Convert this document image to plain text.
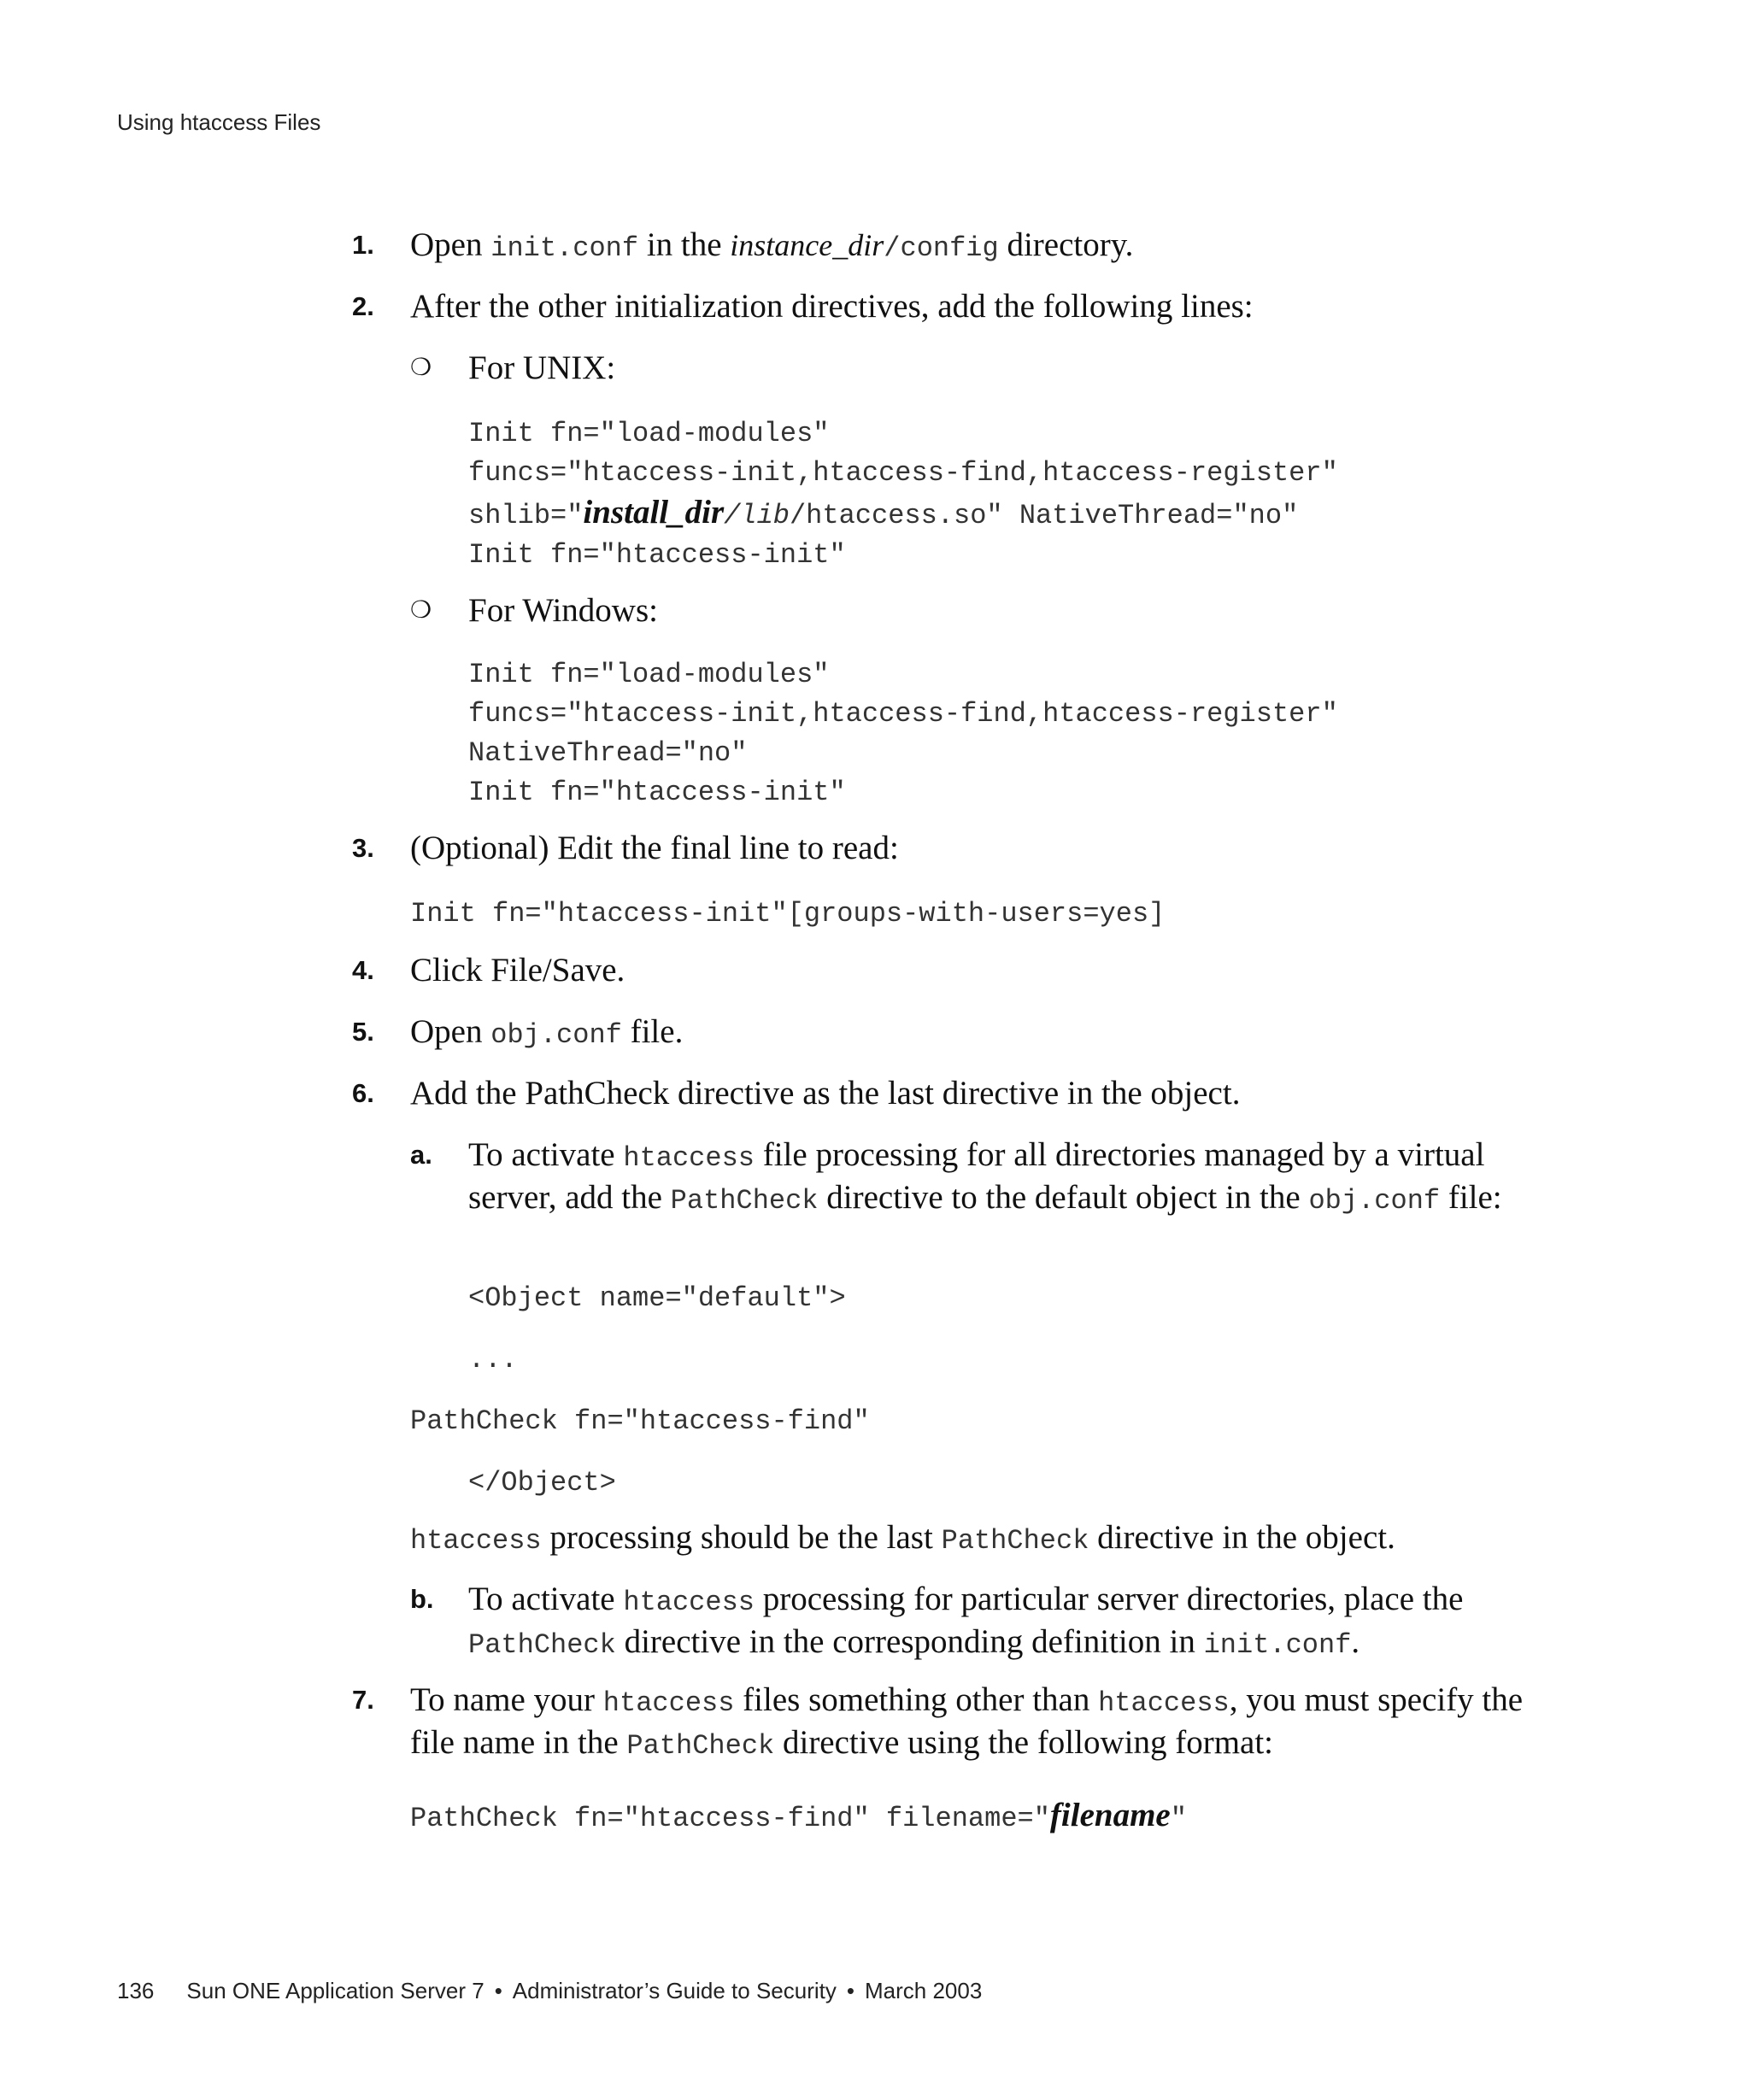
Using htaccess Files
1.	Open init.conf in the instance_dir/config directory.
2.	After the other initialization directives, add the following lines:
❍	For UNIX:
Init fn="load-modules"
funcs="htaccess-init,htaccess-find,htaccess-register"
shlib="install_dir/lib/htaccess.so" NativeThread="no"
Init fn="htaccess-init"
❍	For Windows:
Init fn="load-modules"
funcs="htaccess-init,htaccess-find,htaccess-register"
NativeThread="no"
Init fn="htaccess-init"
3.	(Optional) Edit the final line to read:
Init fn="htaccess-init"[groups-with-users=yes]
4.	Click File/Save.
5.	Open obj.conf file.
6.	Add the PathCheck directive as the last directive in the object.
a.	To activate htaccess file processing for all directories managed by a virtual server, add the PathCheck directive to the default object in the obj.conf file:
<Object name="default">
...
PathCheck fn="htaccess-find"
</Object>
htaccess processing should be the last PathCheck directive in the object.
b.	To activate htaccess processing for particular server directories, place the PathCheck directive in the corresponding definition in init.conf.
7.	To name your htaccess files something other than htaccess, you must specify the file name in the PathCheck directive using the following format:
PathCheck fn="htaccess-find" filename="filename"
136 Sun ONE Application Server 7 • Administrator’s Guide to Security • March 2003
